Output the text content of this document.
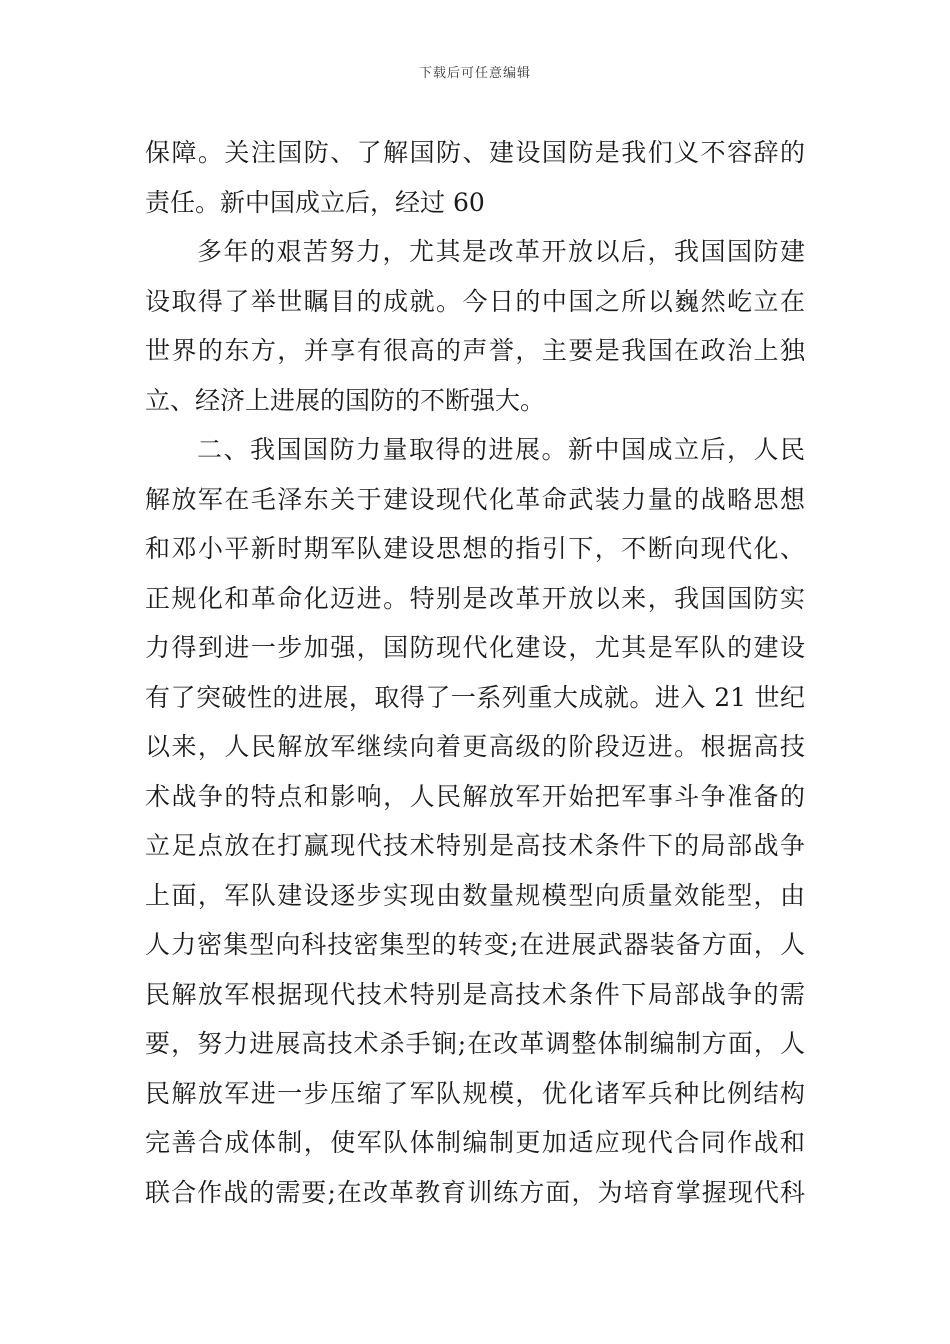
下载后可任意编辑
保障。关注国防、了解国防、建设国防是我们义不容辞的
责任。新中国成立后，经过 60
多年的艰苦努力，尤其是改革开放以后，我国国防建
设取得了举世瞩目的成就。今日的中国之所以巍然屹立在
世界的东方，并享有很高的声誉，主要是我国在政治上独
立、经济上进展的国防的不断强大。
二、我国国防力量取得的进展。新中国成立后，人民
解放军在毛泽东关于建设现代化革命武装力量的战略思想
和邓小平新时期军队建设思想的指引下，不断向现代化、
正规化和革命化迈进。特别是改革开放以来，我国国防实
力得到进一步加强，国防现代化建设，尤其是军队的建设
有了突破性的进展，取得了一系列重大成就。进入 21 世纪
以来，人民解放军继续向着更高级的阶段迈进。根据高技
术战争的特点和影响，人民解放军开始把军事斗争准备的
立足点放在打赢现代技术特别是高技术条件下的局部战争
上面，军队建设逐步实现由数量规模型向质量效能型，由
人力密集型向科技密集型的转变;在进展武器装备方面，人
民解放军根据现代技术特别是高技术条件下局部战争的需
要，努力进展高技术杀手锏;在改革调整体制编制方面，人
民解放军进一步压缩了军队规模，优化诸军兵种比例结构
完善合成体制，使军队体制编制更加适应现代合同作战和
联合作战的需要;在改革教育训练方面，为培育掌握现代科
